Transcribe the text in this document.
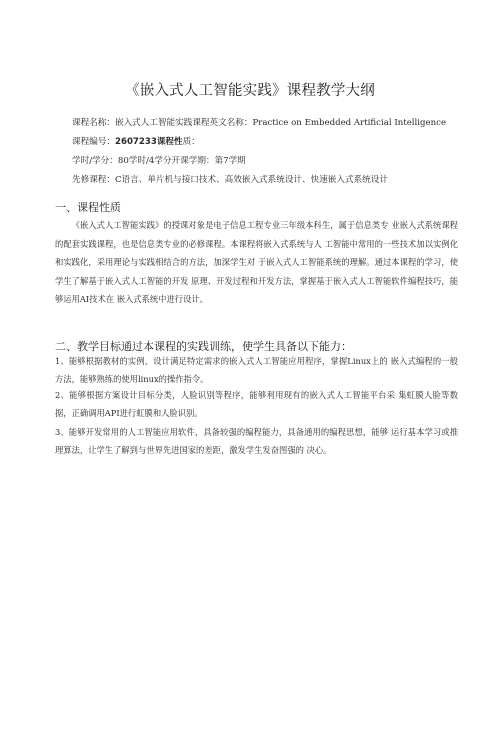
《嵌入式人工智能实践》课程教学大纲
课程名称：嵌入式人工智能实践课程英文名称：Practice on Embedded Artificial Intelligence
课程编号：2607233课程性质：
学时/学分：80学时/4学分开课学期：第7学期
先修课程：C语言、单片机与接口技术、高效嵌入式系统设计、快速嵌入式系统设计
一、课程性质

《嵌入式人工智能实践》的授课对象是电子信息工程专业三年级本科生，属于信息类专 业嵌入式系统课程的配套实践课程，也是信息类专业的必修课程。本课程将嵌入式系统与人 工智能中常用的一些技术加以实例化和实践化，采用理论与实践相结合的方法，加深学生对 于嵌入式人工智能系统的理解。通过本课程的学习，使学生了解基于嵌入式人工智能的开发 原理、开发过程和开发方法，掌握基于嵌入式人工智能软件编程技巧，能够运用AI技术在 嵌入式系统中进行设计。

二、教学目标通过本课程的实践训练，使学生具备以下能力：

1、能够根据教材的实例，设计满足特定需求的嵌入式人工智能应用程序，掌握Linux上的 嵌入式编程的一般方法，能够熟练的使用linux的操作指令。

2、能够根据方案设计目标分类，人脸识别等程序，能够利用现有的嵌入式人工智能平台采 集虹膜人脸等数据，正确调用API进行虹膜和人脸识别。

3、能够开发常用的人工智能应用软件，具备较强的编程能力，具备通用的编程思想，能够 运行基本学习或推理算法，让学生了解到与世界先进国家的差距，激发学生发奋图强的 决心。
